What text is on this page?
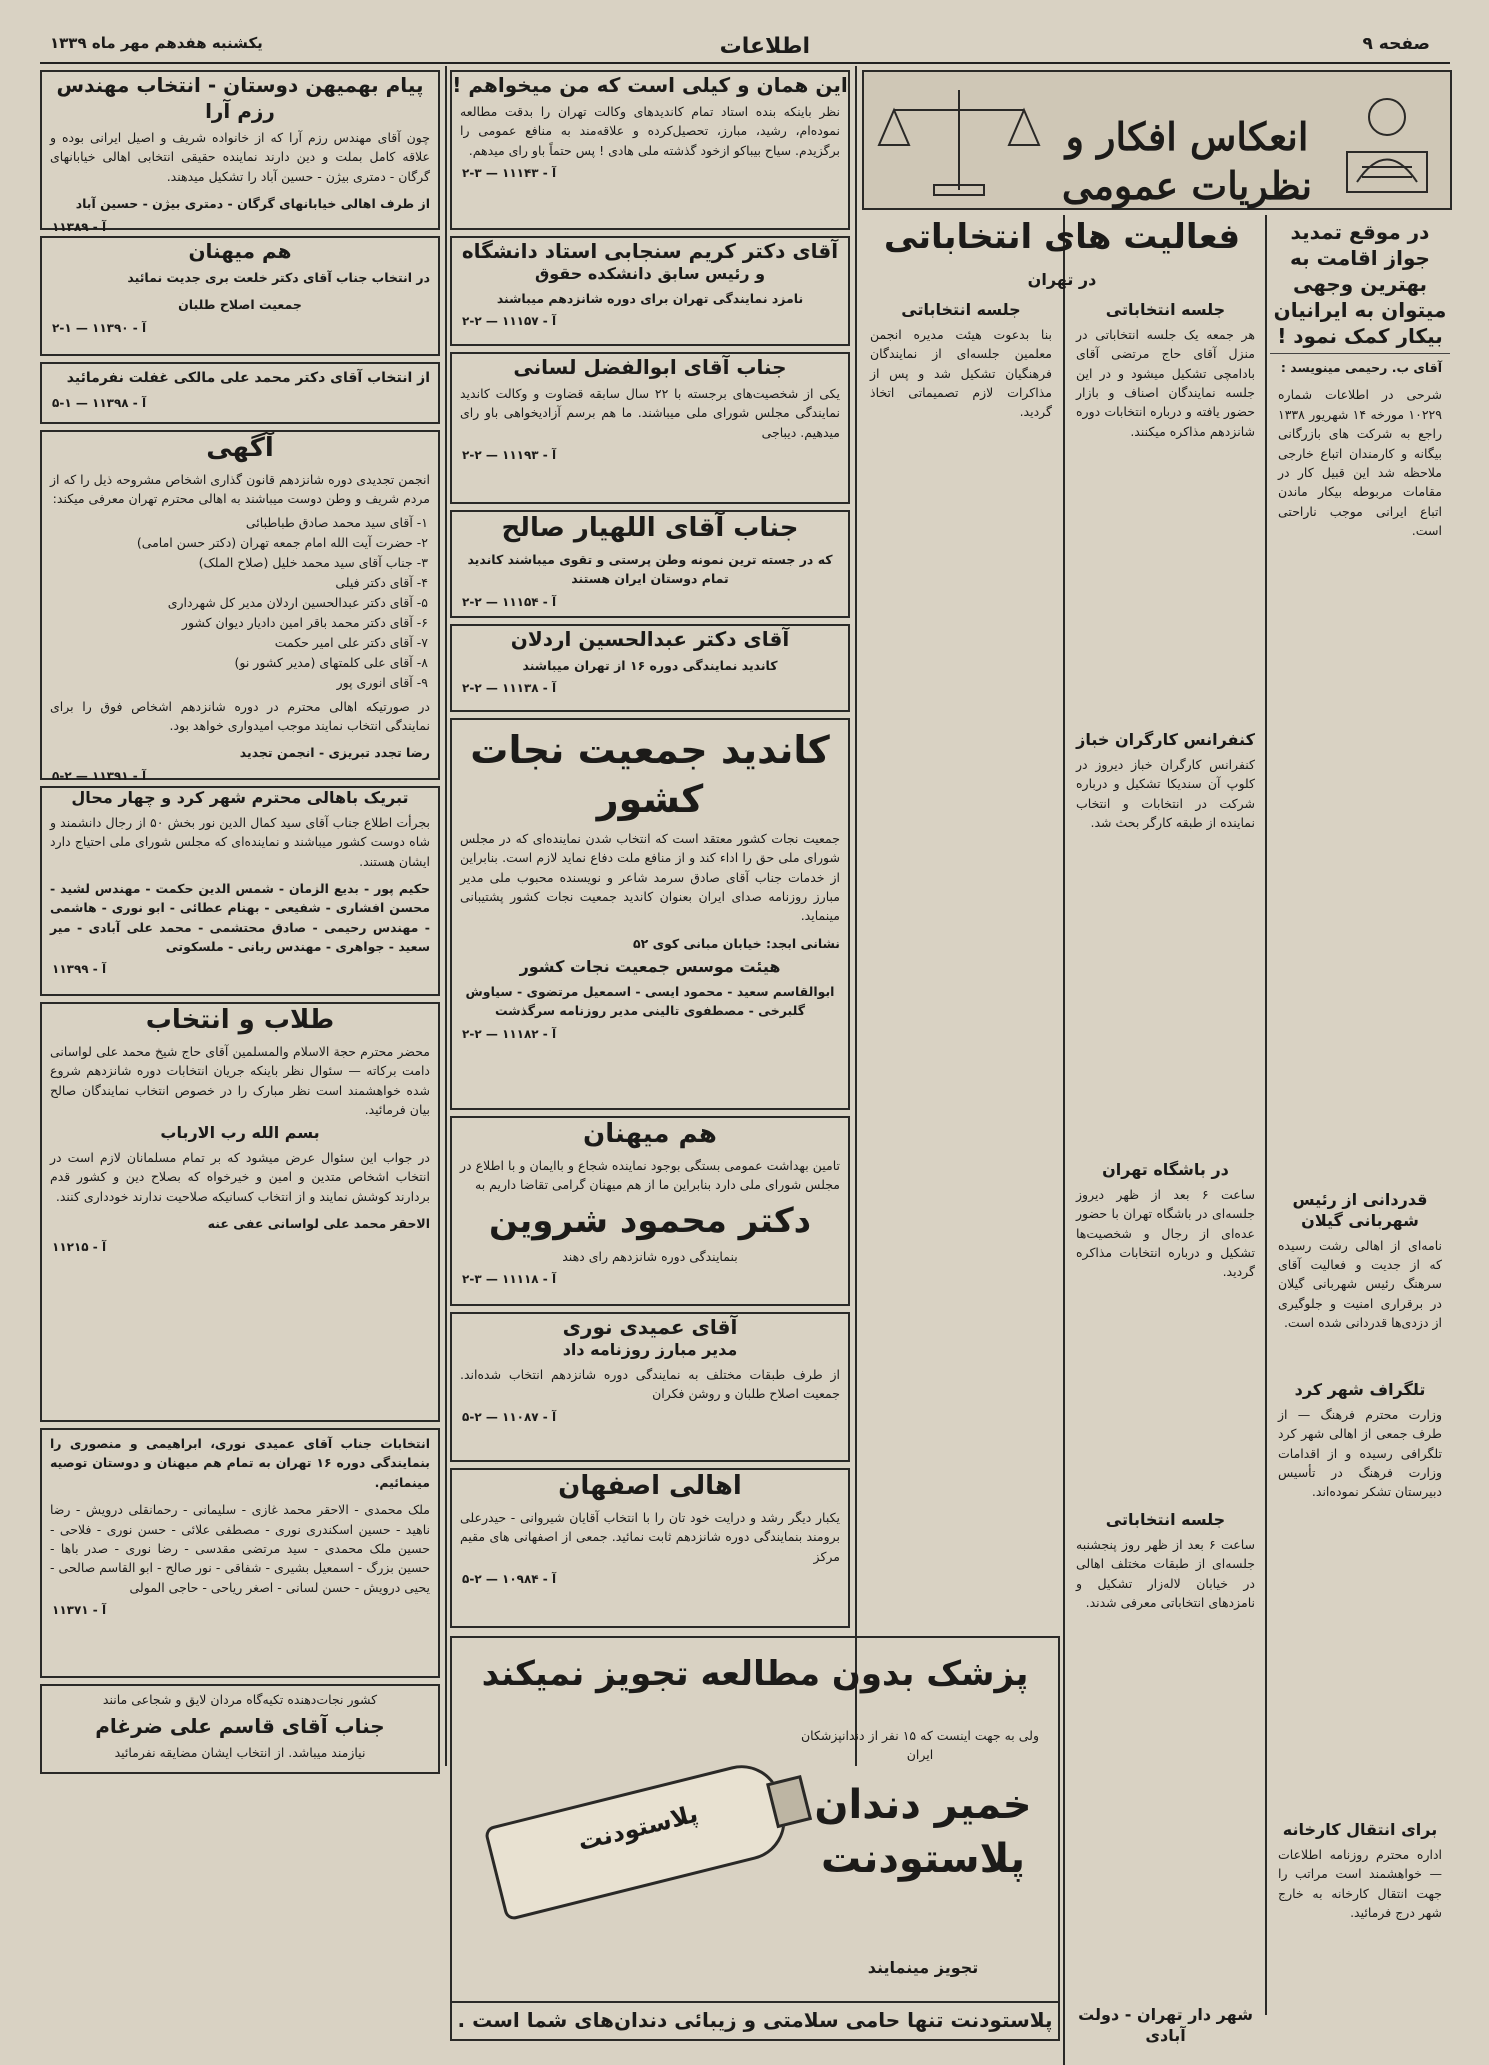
صفحه ۹
اطلاعات
یکشنبه هفدهم مهر ماه ۱۳۳۹
انعکاس افکار و نظریات عمومی
در موقع تمدید جواز اقامت به بهترین وجهی میتوان به ایرانیان بیکار کمک نمود !
آقای ب. رحیمی مینویسد :
شرحی در اطلاعات شماره ۱۰۲۲۹ مورخه ۱۴ شهریور ۱۳۳۸ راجع به شرکت های بازرگانی بیگانه و کارمندان اتباع خارجی ملاحظه شد این قبیل کار در مقامات مربوطه بیکار ماندن اتباع ایرانی موجب ناراحتی است.
قدردانی از رئیس شهربانی گیلان
نامه‌ای از اهالی رشت رسیده که از جدیت و فعالیت آقای سرهنگ رئیس شهربانی گیلان در برقراری امنیت و جلوگیری از دزدی‌ها قدردانی شده است.
تلگراف شهر کرد
وزارت محترم فرهنگ — از طرف جمعی از اهالی شهر کرد تلگرافی رسیده و از اقدامات وزارت فرهنگ در تأسیس دبیرستان تشکر نموده‌اند.
برای انتقال کارخانه
اداره محترم روزنامه اطلاعات — خواهشمند است مراتب را جهت انتقال کارخانه به خارج شهر درج فرمائید.
فعالیت های انتخاباتی
در تهران
جلسه انتخاباتی
هر جمعه یک جلسه انتخاباتی در منزل آقای حاج مرتضی آقای بادامچی تشکیل میشود و در این جلسه نمایندگان اصناف و بازار حضور یافته و درباره انتخابات دوره شانزدهم مذاکره میکنند.
جلسه انتخاباتی
بنا بدعوت هیئت مدیره انجمن معلمین جلسه‌ای از نمایندگان فرهنگیان تشکیل شد و پس از مذاکرات لازم تصمیماتی اتخاذ گردید.
کنفرانس کارگران خباز
کنفرانس کارگران خباز دیروز در کلوپ آن سندیکا تشکیل و درباره شرکت در انتخابات و انتخاب نماینده از طبقه کارگر بحث شد.
در باشگاه تهران
ساعت ۶ بعد از ظهر دیروز جلسه‌ای در باشگاه تهران با حضور عده‌ای از رجال و شخصیت‌ها تشکیل و درباره انتخابات مذاکره گردید.
جلسه انتخاباتی
ساعت ۶ بعد از ظهر روز پنجشنبه جلسه‌ای از طبقات مختلف اهالی در خیابان لاله‌زار تشکیل و نامزدهای انتخاباتی معرفی شدند.
شهر دار تهران - دولت آبادی
این همان و کیلی است که من میخواهم !
نظر باینکه بنده استاد تمام کاندیدهای وکالت تهران را بدقت مطالعه نموده‌ام، رشید، مبارز، تحصیل‌کرده و علاقه‌مند به منافع عمومی را برگزیدم. سیاح بیباکو ازخود گذشته ملی هادی ! پس حتماً باو رای میدهم.
آ - ۱۱۱۴۳ — ۳-۲
آقای دکتر کریم سنجابی استاد دانشگاه
و رئیس سابق دانشکده حقوق
نامزد نمایندگی تهران برای دوره شانزدهم میباشند
آ - ۱۱۱۵۷ — ۲-۲
جناب آقای ابوالفضل لسانی
یکی از شخصیت‌های برجسته با ۲۲ سال سابقه قضاوت و وکالت کاندید نمایندگی مجلس شورای ملی میباشند. ما هم برسم آزادیخواهی باو رای میدهیم. دیباجی
آ - ۱۱۱۹۳ — ۲-۲
جناب آقای اللهیار صالح
که در جسته ترین نمونه وطن پرستی و تقوی میباشند کاندید تمام دوستان ایران هستند
آ - ۱۱۱۵۴ — ۲-۲
آقای دکتر عبدالحسین اردلان
کاندید نمایندگی دوره ۱۶ از تهران میباشند
آ - ۱۱۱۳۸ — ۲-۲
کاندید جمعیت نجات کشور
جمعیت نجات کشور معتقد است که انتخاب شدن نماینده‌ای که در مجلس شورای ملی حق را اداء کند و از منافع ملت دفاع نماید لازم است. بنابراین از خدمات جناب آقای صادق سرمد شاعر و نویسنده محبوب ملی مدیر مبارز روزنامه صدای ایران بعنوان کاندید جمعیت نجات کشور پشتیبانی مینماید.
نشانی ابجد: خیابان مبانی کوی ۵۲
هیئت موسس جمعیت نجات کشور
ابوالقاسم سعید - محمود ایسی - اسمعیل مرتضوی - سیاوش گلبرخی - مصطفوی تالینی مدیر روزنامه سرگذشت
آ - ۱۱۱۸۲ — ۲-۲
هم میهنان
تامین بهداشت عمومی بستگی بوجود نماینده شجاع و باایمان و با اطلاع در مجلس شورای ملی دارد بنابراین ما از هم میهنان گرامی تقاضا داریم به
دکتر محمود شروین
بنمایندگی دوره شانزدهم رای دهند
آ - ۱۱۱۱۸ — ۳-۲
آقای عمیدی نوری
مدیر مبارز روزنامه داد
از طرف طبقات مختلف به نمایندگی دوره شانزدهم انتخاب شده‌اند. جمعیت اصلاح طلبان و روشن فکران
آ - ۱۱۰۸۷ — ۲-۵
اهالی اصفهان
یکبار دیگر رشد و درایت خود تان را با انتخاب آقایان شیروانی - حیدرعلی برومند بنمایندگی دوره شانزدهم ثابت نمائید. جمعی از اصفهانی های مقیم مرکز
آ - ۱۰۹۸۴ — ۲-۵
پیام بهمیهن دوستان - انتخاب مهندس رزم آرا
چون آقای مهندس رزم آرا که از خانواده شریف و اصیل ایرانی بوده و علاقه کامل بملت و دین دارند نماینده حقیقی انتخابی اهالی خیابانهای گرگان - دمتری بیژن - حسین آباد را تشکیل میدهند.
از طرف اهالی خیابانهای گرگان - دمتری بیژن - حسین آباد
آ - ۱۱۳۸۹
هم میهنان
در انتخاب جناب آقای دکتر خلعت بری جدیت نمائید
جمعیت اصلاح طلبان
آ - ۱۱۳۹۰ — ۱-۲
از انتخاب آقای دکتر محمد علی مالکی غفلت نفرمائید
آ - ۱۱۳۹۸ — ۱-۵
آگهی
انجمن تجدیدی دوره شانزدهم قانون گذاری اشخاص مشروحه ذیل را که از مردم شریف و وطن دوست میباشند به اهالی محترم تهران معرفی میکند:
۱- آقای سید محمد صادق طباطبائی
۲- حضرت آیت الله امام جمعه تهران (دکتر حسن امامی)
۳- جناب آقای سید محمد خلیل (صلاح الملک)
۴- آقای دکتر فیلی
۵- آقای دکتر عبدالحسین اردلان مدیر کل شهرداری
۶- آقای دکتر محمد باقر امین دادیار دیوان کشور
۷- آقای دکتر علی امیر حکمت
۸- آقای علی کلمتهای (مدیر کشور نو)
۹- آقای انوری پور
در صورتیکه اهالی محترم در دوره شانزدهم اشخاص فوق را برای نمایندگی انتخاب نمایند موجب امیدواری خواهد بود.
رضا تجدد تبریزی - انجمن تجدید
آ - ۱۱۳۹۱ — ۲-۵
تبریک باهالی محترم شهر کرد و چهار محال
بجرأت اطلاع جناب آقای سید کمال الدین نور بخش ۵۰ از رجال دانشمند و شاه دوست کشور میباشند و نماینده‌ای که مجلس شورای ملی احتیاج دارد ایشان هستند.
حکیم پور - بدیع الزمان - شمس الدین حکمت - مهندس لشید - محسن افشاری - شفیعی - بهنام عطائی - ابو نوری - هاشمی - مهندس رحیمی - صادق محتشمی - محمد علی آبادی - میر سعید - جواهری - مهندس ربانی - ملسکوتی
آ - ۱۱۳۹۹
طلاب و انتخاب
محضر محترم حجة الاسلام والمسلمین آقای حاج شیخ محمد علی لواسانی دامت برکاته — سئوال نظر باینکه جریان انتخابات دوره شانزدهم شروع شده خواهشمند است نظر مبارک را در خصوص انتخاب نمایندگان صالح بیان فرمائید.
بسم الله رب الارباب
در جواب این سئوال عرض میشود که بر تمام مسلمانان لازم است در انتخاب اشخاص متدین و امین و خیرخواه که بصلاح دین و کشور قدم بردارند کوشش نمایند و از انتخاب کسانیکه صلاحیت ندارند خودداری کنند.
الاحقر محمد علی لواسانی عفی عنه
آ - ۱۱۲۱۵
انتخابات جناب آقای عمیدی نوری، ابراهیمی و منصوری را بنمایندگی دوره ۱۶ تهران به تمام هم میهنان و دوستان توصیه مینمائیم.
ملک محمدی - الاحقر محمد غازی - سلیمانی - رحمانقلی درویش - رضا ناهید - حسین اسکندری نوری - مصطفی علائی - حسن نوری - فلاحی - حسین ملک محمدی - سید مرتضی مقدسی - رضا نوری - صدر باها - حسین بزرگ - اسمعیل بشیری - شفاقی - نور صالح - ابو القاسم صالحی - یحیی درویش - حسن لسانی - اصغر ریاحی - حاجی المولی
آ - ۱۱۳۷۱
کشور نجات‌دهنده تکیه‌گاه مردان لایق و شجاعی مانند
جناب آقای قاسم علی ضرغام
نیازمند میباشد. از انتخاب ایشان مضایقه نفرمائید
پزشک بدون مطالعه تجویز نمیکند
ولی به جهت اینست که ۱۵ نفر از دندانپزشکان ایران
خمیر دندان پلاستودنت
تجویز مینمایند
پلاستودنت
پلاستودنت تنها حامی سلامتی و زیبائی دندان‌های شما است .
